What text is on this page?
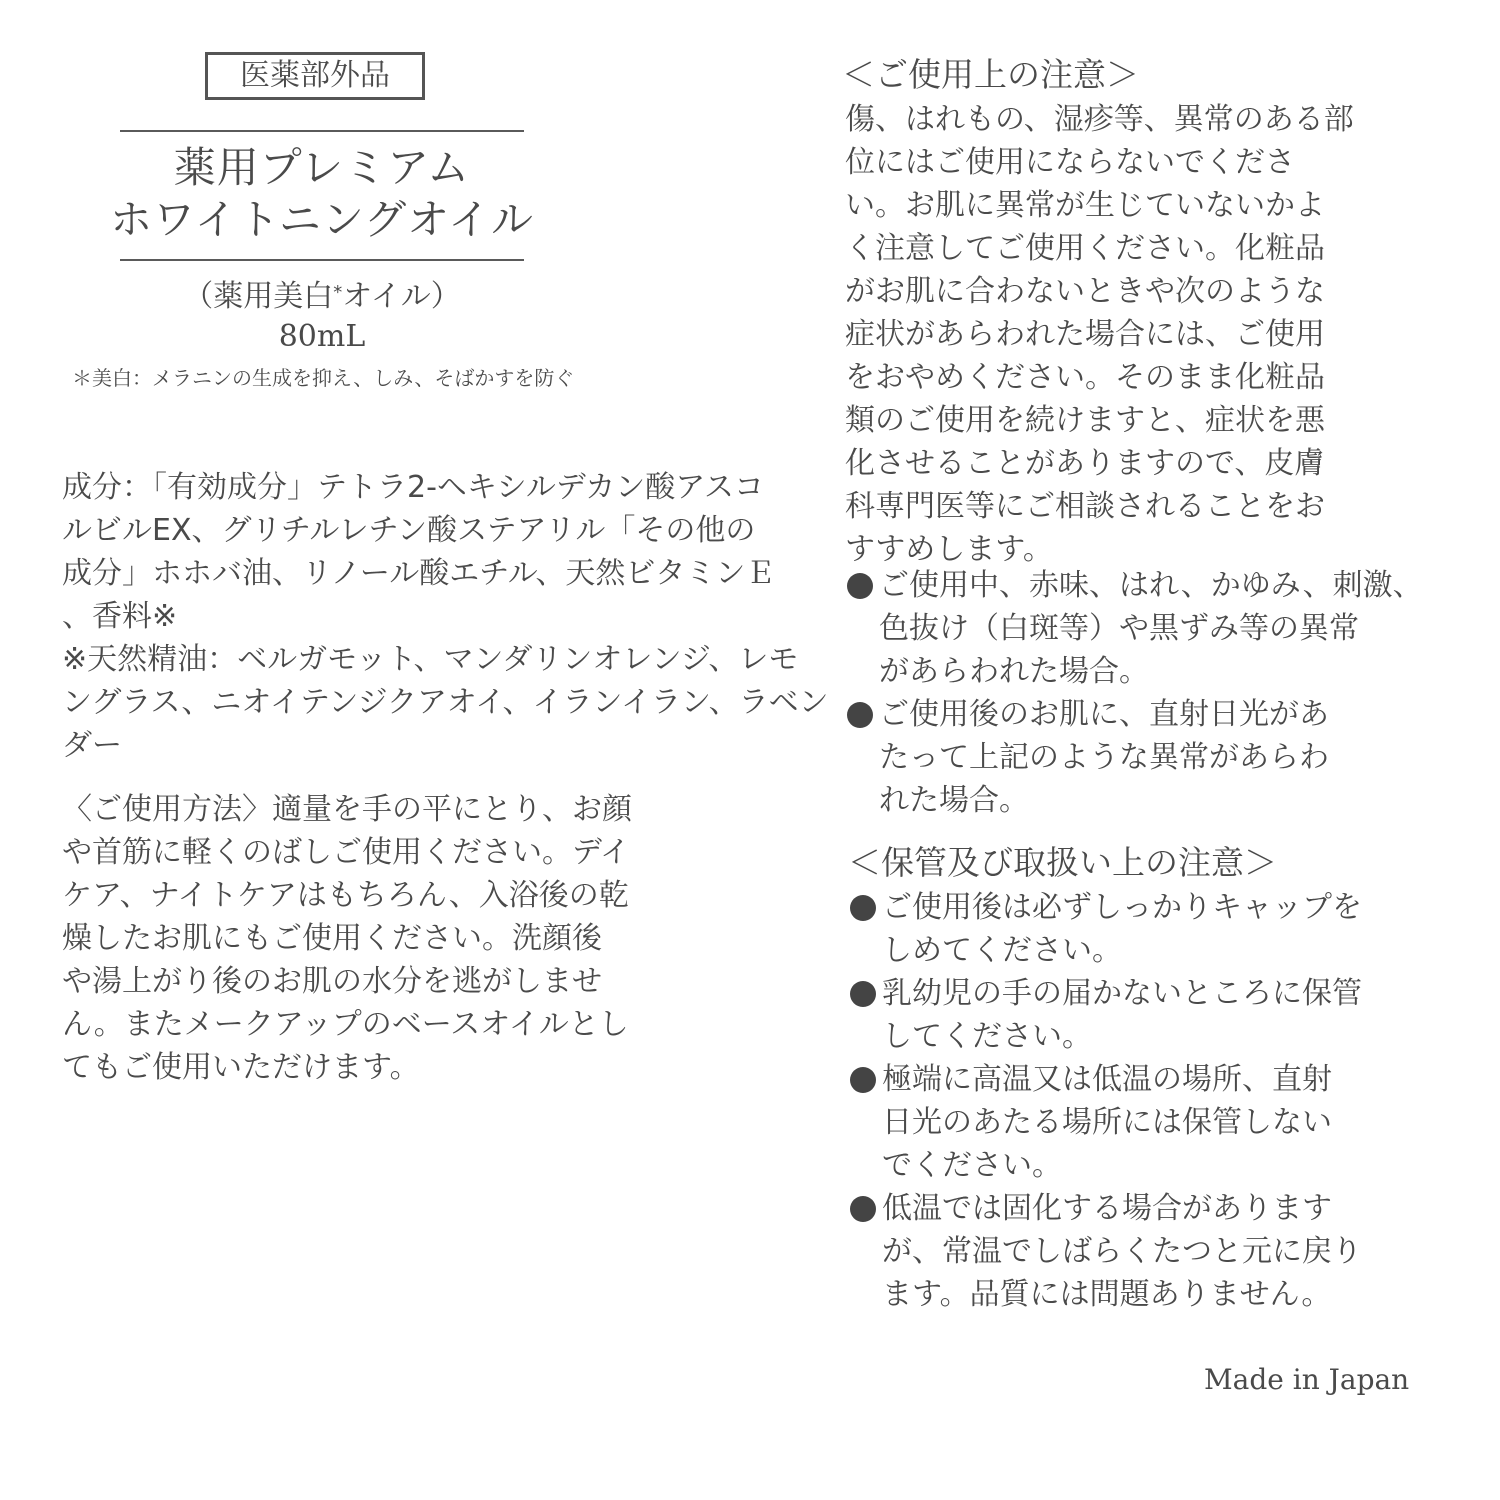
医薬部外品
薬用プレミアム
ホワイトニングオイル
（薬用美白*オイル）
80mL
＊美白：メラニンの生成を抑え、しみ、そばかすを防ぐ
成分：「有効成分」テトラ2-ヘキシルデカン酸アスコ
ルビルEX、グリチルレチン酸ステアリル「その他の
成分」ホホバ油、リノール酸エチル、天然ビタミンＥ
、香料※
※天然精油：ベルガモット、マンダリンオレンジ、レモ
ングラス、ニオイテンジクアオイ、イランイラン、ラベン
ダー
〈ご使用方法〉適量を手の平にとり、お顔
や首筋に軽くのばしご使用ください。デイ
ケア、ナイトケアはもちろん、入浴後の乾
燥したお肌にもご使用ください。洗顔後
や湯上がり後のお肌の水分を逃がしませ
ん。またメークアップのベースオイルとし
てもご使用いただけます。
＜ご使用上の注意＞
傷、はれもの、湿疹等、異常のある部
位にはご使用にならないでくださ
い。お肌に異常が生じていないかよ
く注意してご使用ください。化粧品
がお肌に合わないときや次のような
症状があらわれた場合には、ご使用
をおやめください。そのまま化粧品
類のご使用を続けますと、症状を悪
化させることがありますので、皮膚
科専門医等にご相談されることをお
すすめします。
ご使用中、赤味、はれ、かゆみ、刺激、
色抜け（白斑等）や黒ずみ等の異常
があらわれた場合。
ご使用後のお肌に、直射日光があ
たって上記のような異常があらわ
れた場合。
＜保管及び取扱い上の注意＞
ご使用後は必ずしっかりキャップを
しめてください。
乳幼児の手の届かないところに保管
してください。
極端に高温又は低温の場所、直射
日光のあたる場所には保管しない
でください。
低温では固化する場合があります
が、常温でしばらくたつと元に戻り
ます。品質には問題ありません。
Made in Japan
